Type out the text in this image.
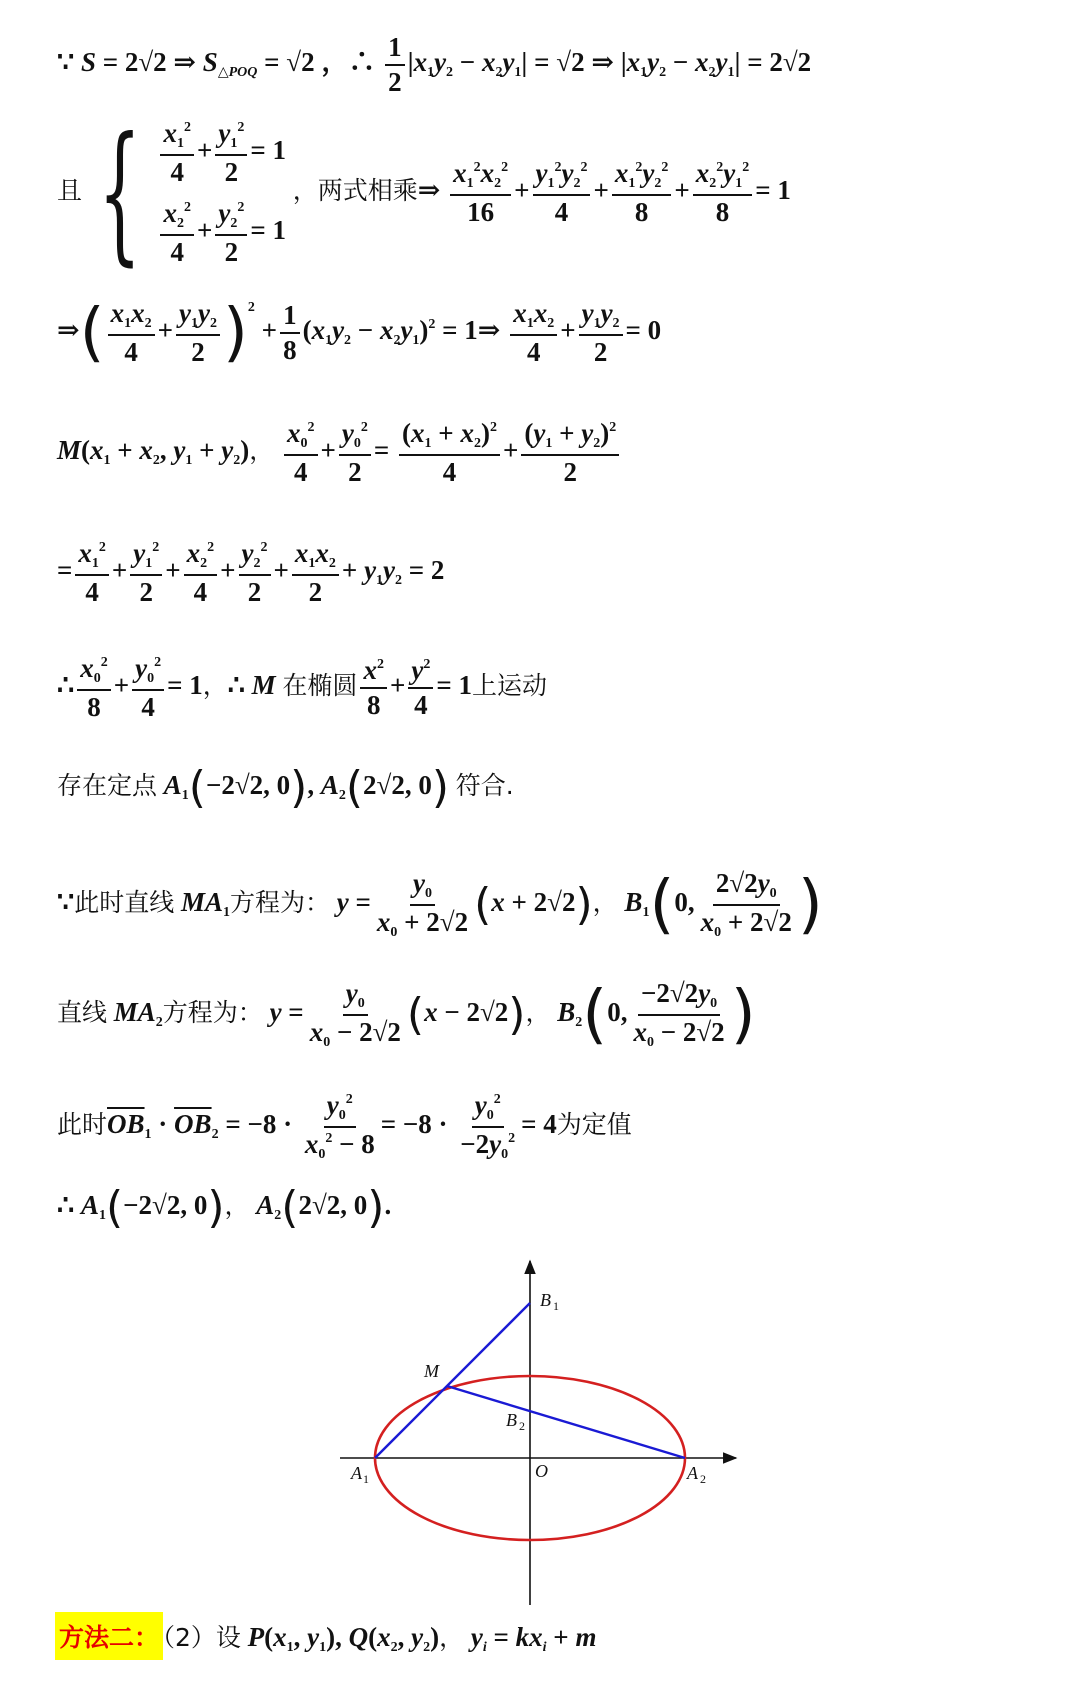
∵ S = 2√2 ⇒ $S_{\triangle POQ} = √2$ ，∴ $\frac{1}{2} |x_1y_2 - x_2y_1| = √2$ ⇒ $|x_1y_2 - x_2y_1| = 2√2$
且 { $\frac{x_1^2}{4} + \frac{y_1^2}{2} = 1$
$\frac{x_2^2}{4} + \frac{y_2^2}{2} = 1$
，两式相乘⇒ $\frac{x_1^2x_2^2}{16} + \frac{y_1^2y_2^2}{4} + \frac{x_1^2y_2^2}{8} + \frac{x_2^2y_1^2}{8} = 1$
⇒( $\frac{x_1x_2}{4} + \frac{y_1y_2}{2} )^2 + \frac{1}{8} (x_1y_2 - x_2y_1)^2$ = 1⇒ $\frac{x_1x_2}{4} + \frac{y_1y_2}{2} = 0$
$M(x_1 + x_2$, $y_1 + y_2$)， $\frac{x_0^2}{4} + \frac{y_0^2}{2} = \frac{(x_1 + x_2)^2}{4} + \frac{(y_1 + y_2)^2}{2}$
= $\frac{x_1^2}{4} + \frac{y_1^2}{2} + \frac{x_2^2}{4} + \frac{y_2^2}{2} + \frac{x_1x_2}{2} + y_1y_2 = 2$
∴ $\frac{x_0^2}{8} + \frac{y_0^2}{4} = 1$，∴ M 在椭圆 $\frac{x^2}{8} + \frac{y^2}{4} = 1$上运动
存在定点 $A_1(-2√2$, 0), $A_2(2√2$, 0) 符合.
∵此时直线 $MA_1$方程为： $y = \frac{y_0}{x_0 + 2√2} (x + 2√2)$， $B_1(0$, $\frac{2√2y_0}{x_0 + 2√2}$ )
直线 $MA_2$方程为： $y = \frac{y_0}{x_0 - 2√2} (x - 2√2)$， $B_2(0$, $\frac{-2√2y_0}{x_0 - 2√2}$ )
此时$\overline{OB}_1 \cdot \overline{OB}_2 = -8 \cdot \frac{y_0^2}{x_0^2 - 8} = -8 \cdot \frac{y_0^2}{-2y_0^2} = 4$为定值
∴ $A_1(-2√2$, 0)， $A_2(2√2$, 0).
B 1
M
B 2
A 1	O	A 2
方法二：
（2）设 $P(x_1$, $y_1$), $Q(x_2$, $y_2$)， $y_i = kx_i + m$
